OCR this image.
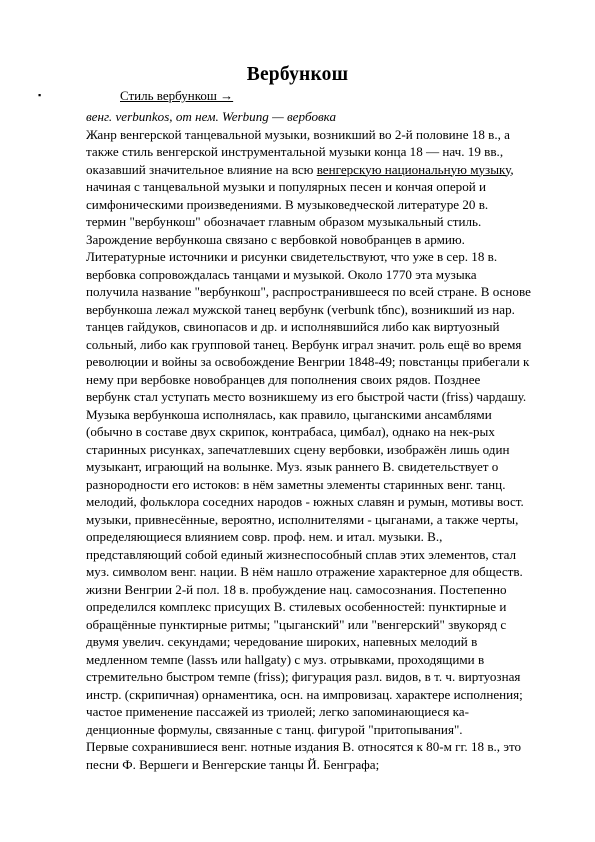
Вербункош
▪	Стиль вербункош →
венг. verbunkos, от нем. Werbung — вербовка
Жанр венгерской танцевальной музыки, возникший во 2-й половине 18 в., а
также стиль венгерской инструментальной музыки конца 18 — нач. 19 вв.,
оказавший значительное влияние на всю венгерскую национальную музыку,
начиная с танцевальной музыки и популярных песен и кончая оперой и
симфоническими произведениями. В музыковедческой литературе 20 в.
термин "вербункош" обозначает главным образом музыкальный стиль.
Зарождение вербункоша связано с вербовкой новобранцев в армию.
Литературные источники и рисунки свидетельствуют, что уже в сер. 18 в.
вербовка сопровождалась танцами и музыкой. Около 1770 эта музыка
получила название "вербункош", распространившееся по всей стране. В основе
вербункоша лежал мужской танец вербунк (verbunk tбnc), возникший из нар.
танцев гайдуков, свинопасов и др. и исполнявшийся либо как виртуозный
сольный, либо как групповой танец. Вербунк играл значит. роль ещё во время
революции и войны за освобождение Венгрии 1848-49; повстанцы прибегали к
нему при вербовке новобранцев для пополнения своих рядов. Позднее
вербунк стал уступать место возникшему из его быстрой части (friss) чардашу.
Музыка вербункоша исполнялась, как правило, цыганскими ансамблями
(обычно в составе двух скрипок, контрабаса, цимбал), однако на нек-рых
старинных рисунках, запечатлевших сцену вербовки, изображён лишь один
музыкант, играющий на волынке. Муз. язык раннего В. свидетельствует о
разнородности его истоков: в нём заметны элементы старинных венг. танц.
мелодий, фольклора соседних народов - южных славян и румын, мотивы вост.
музыки, привнесённые, вероятно, исполнителями - цыганами, а также черты,
определяющиеся влиянием совр. проф. нем. и итал. музыки. В.,
представляющий собой единый жизнеспособный сплав этих элементов, стал
муз. символом венг. нации. В нём нашло отражение характерное для обществ.
жизни Венгрии 2-й пол. 18 в. пробуждение нац. самосознания. Постепенно
определился комплекс присущих В. стилевых особенностей: пунктирные и
обращённые пунктирные ритмы; "цыганский" или "венгерский" звукоряд с
двумя увелич. секундами; чередование широких, напевных мелодий в
медленном темпе (lassъ или hallgaty) с муз. отрывками, проходящими в
стремительно быстром темпе (friss); фигурация разл. видов, в т. ч. виртуозная
инстр. (скрипичная) орнаментика, осн. на импровизац. характере исполнения;
частое применение пассажей из триолей; легко запоминающиеся ка-
денционные формулы, связанные с танц. фигурой "притопывания".
Первые сохранившиеся венг. нотные издания В. относятся к 80-м гг. 18 в., это
песни Ф. Вершеги и Венгерские танцы Й. Бенграфа;
